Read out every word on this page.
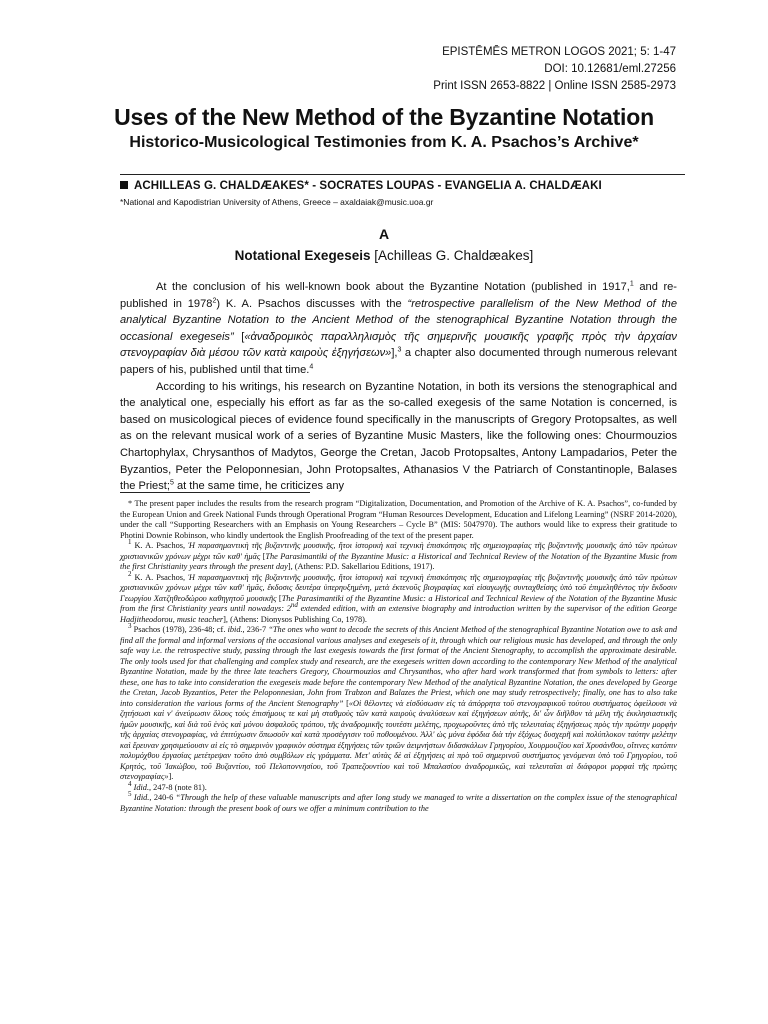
EPISTĒMĒS METRON LOGOS 2021; 5: 1-47
DOI: 10.12681/eml.27256
Print ISSN 2653-8822 | Online ISSN 2585-2973
Uses of the New Method of the Byzantine Notation
Historico-Musicological Testimonies from K. A. Psachos’s Archive*
ACHILLEAS G. CHALDÆAKES* - SOCRATES LOUPAS - EVANGELIA A. CHALDÆAKI
*National and Kapodistrian University of Athens, Greece – axaldaiak@music.uoa.gr
A
Notational Exegeseis [Achilleas G. Chaldæakes]

At the conclusion of his well-known book about the Byzantine Notation (published in 1917,$^1$ and re-published in 1978$^2$) K. A. Psachos discusses with the “retrospective parallelism of the New Method of the analytical Byzantine Notation to the Ancient Method of the stenographical Byzantine Notation through the occasional exegeseis” [«ἀναδρομικὸς παραλληλισμὸς τῆς σημερινῆς μουσικῆς γραφῆς πρὸς τὴν ἀρχαίαν στενογραφίαν διὰ μέσου τῶν κατὰ καιροὺς ἐξηγήσεων»],$^3$ a chapter also documented through numerous relevant papers of his, published until that time.$^4$

According to his writings, his research on Byzantine Notation, in both its versions the stenographical and the analytical one, especially his effort as far as the so-called exegesis of the same Notation is concerned, is based on musicological pieces of evidence found specifically in the manuscripts of Gregory Protopsaltes, as well as on the relevant musical work of a series of Byzantine Music Masters, like the following ones: Chourmouzios Chartophylax, Chrysanthos of Madytos, George the Cretan, Jacob Protopsaltes, Antony Lampadarios, Peter the Byzantios, Peter the Peloponnesian, John Protopsaltes, Athanasios V the Patriarch of Constantinople, Balases the Priest;$^5$ at the same time, he criticizes any

* The present paper includes the results from the research program “Digitalization, Documentation, and Promotion of the Archive of K. A. Psachos”, co-funded by the European Union and Greek National Funds through Operational Program “Human Resources Development, Education and Lifelong Learning” (NSRF 2014-2020), under the call “Supporting Researchers with an Emphasis on Young Researchers – Cycle B” (MIS: 5047970). The authors would like to express their gratitude to Photini Downie Robinson, who kindly undertook the English Proofreading of the text of the present paper.

$^1$ K. A. Psachos, Ἡ παρασημαντικὴ τῆς βυζαντινῆς μουσικῆς, ἤτοι ἱστορικὴ καὶ τεχνικὴ ἐπισκόπησις τῆς σημειογραφίας τῆς βυζαντινῆς μουσικῆς ἀπὸ τῶν πρώτων χριστιανικῶν χρόνων μέχρι τῶν καθ' ἡμᾶς [The Parasimantiki of the Byzantine Music: a Historical and Technical Review of the Notation of the Byzantine Music from the first Christianity years through the present day], (Athens: P.D. Sakellariou Editions, 1917).

$^2$ K. A. Psachos, Ἡ παρασημαντικὴ τῆς βυζαντινῆς μουσικῆς, ἤτοι ἱστορικὴ καὶ τεχνικὴ ἐπισκόπησις τῆς σημειογραφίας τῆς βυζαντινῆς μουσικῆς ἀπὸ τῶν πρώτων χριστιανικῶν χρόνων μέχρι τῶν καθ' ἡμᾶς, ἔκδοσις δευτέρα ὑπερηυξημένη, μετὰ ἐκτενοῦς βιογραφίας καὶ εἰσαγωγῆς συνταχθείσης ὑπὸ τοῦ ἐπιμεληθέντος τὴν ἔκδοσιν Γεωργίου Χατζηθεοδώρου καθηγητοῦ μουσικῆς [The Parasimantiki of the Byzantine Music: a Historical and Technical Review of the Notation of the Byzantine Music from the first Christianity years until nowadays: 2nd extended edition, with an extensive biography and introduction written by the supervisor of the edition George Hadjitheodorou, music teacher], (Athens: Dionysos Publishing Co, 1978).

$^3$ Psachos (1978), 236-48; cf. ibid., 236-7 “The ones who want to decode the secrets of this Ancient Method of the stenographical Byzantine Notation owe to ask and find all the formal and informal versions of the occasional various analyses and exegeseis of it, through which our religious music has developed, and through the only safe way i.e. the retrospective study, passing through the last exegesis towards the first format of the Ancient Stenography, to accomplish the approximate desirable. The only tools used for that challenging and complex study and research, are the exegeseis written down according to the contemporary New Method of the analytical Byzantine Notation, made by the three late teachers Gregory, Chourmouzios and Chrysanthos, who after hard work transformed that from symbols to letters: after these, one has to take into consideration the exegeseis made before the contemporary New Method of the analytical Byzantine Notation, the ones developed by George the Cretan, Jacob Byzantios, Peter the Peloponnesian, John from Trabzon and Balazes the Priest, which one may study retrospectively; finally, one has to also take into consideration the various forms of the Ancient Stenography” [«Οἱ θέλοντες νὰ εἰσδύσωσιν εἰς τὰ ἀπόρρητα τοῦ στενογραφικοῦ τούτου συστήματος ὀφείλουσι νὰ ζητήσωσι καὶ ν' ἀνεύρωσιν ὅλους τοὺς ἐπισήμους τε καὶ μὴ σταθμοὺς τῶν κατὰ καιροὺς ἀναλύσεων καὶ ἐξηγήσεων αὐτῆς, δι' ὧν διῆλθον τὰ μέλη τῆς ἐκκλησιαστικῆς ἡμῶν μουσικῆς, καὶ διὰ τοῦ ἑνὸς καὶ μόνου ἀσφαλοῦς τρόπου, τῆς ἀναδρομικῆς τουτέστι μελέτης, προχωροῦντες ἀπὸ τῆς τελευταίας ἐξηγήσεως πρὸς τὴν πρώτην μορφὴν τῆς ἀρχαίας στενογραφίας, νὰ ἐπιτύχωσιν ὅπωσοῦν καὶ κατὰ προσέγγισιν τοῦ ποθουμένου. Ἀλλ' ὡς μόνα ἐφόδια διὰ τὴν ἐξόχως δυσχερῆ καὶ πολύπλοκον ταύτην μελέτην καὶ ἔρευναν χρησιμεύουσιν αἱ εἰς τὸ σημερινὸν γραφικὸν σύστημα ἐξηγήσεις τῶν τριῶν ἀειμνήστων διδασκάλων Γρηγορίου, Χουρμουζίου καὶ Χρυσάνθου, οἵτινες κατόπιν πολυμόχθου ἐργασίας μετέτρεψαν τοῦτο ἀπὸ συμβόλων εἰς γράμματα. Μετ' αὐτὰς δὲ αἱ ἐξηγήσεις αἱ πρὸ τοῦ σημερινοῦ συστήματος γενόμεναι ὑπὸ τοῦ Γρηγορίου, τοῦ Κρητός, τοῦ Ἰακώβου, τοῦ Βυζαντίου, τοῦ Πελοποννησίου, τοῦ Τραπεζουντίου καὶ τοῦ Μπαλασίου ἀναδρομικῶς, καὶ τελευταῖαι αἱ διάφοροι μορφαὶ τῆς πρώτης στενογραφίας»].

$^4$ Idid., 247-8 (note 81).

$^5$ Idid., 240-6 “Through the help of these valuable manuscripts and after long study we managed to write a dissertation on the complex issue of the stenographical Byzantine Notation: through the present book of ours we offer a minimum contribution to the
